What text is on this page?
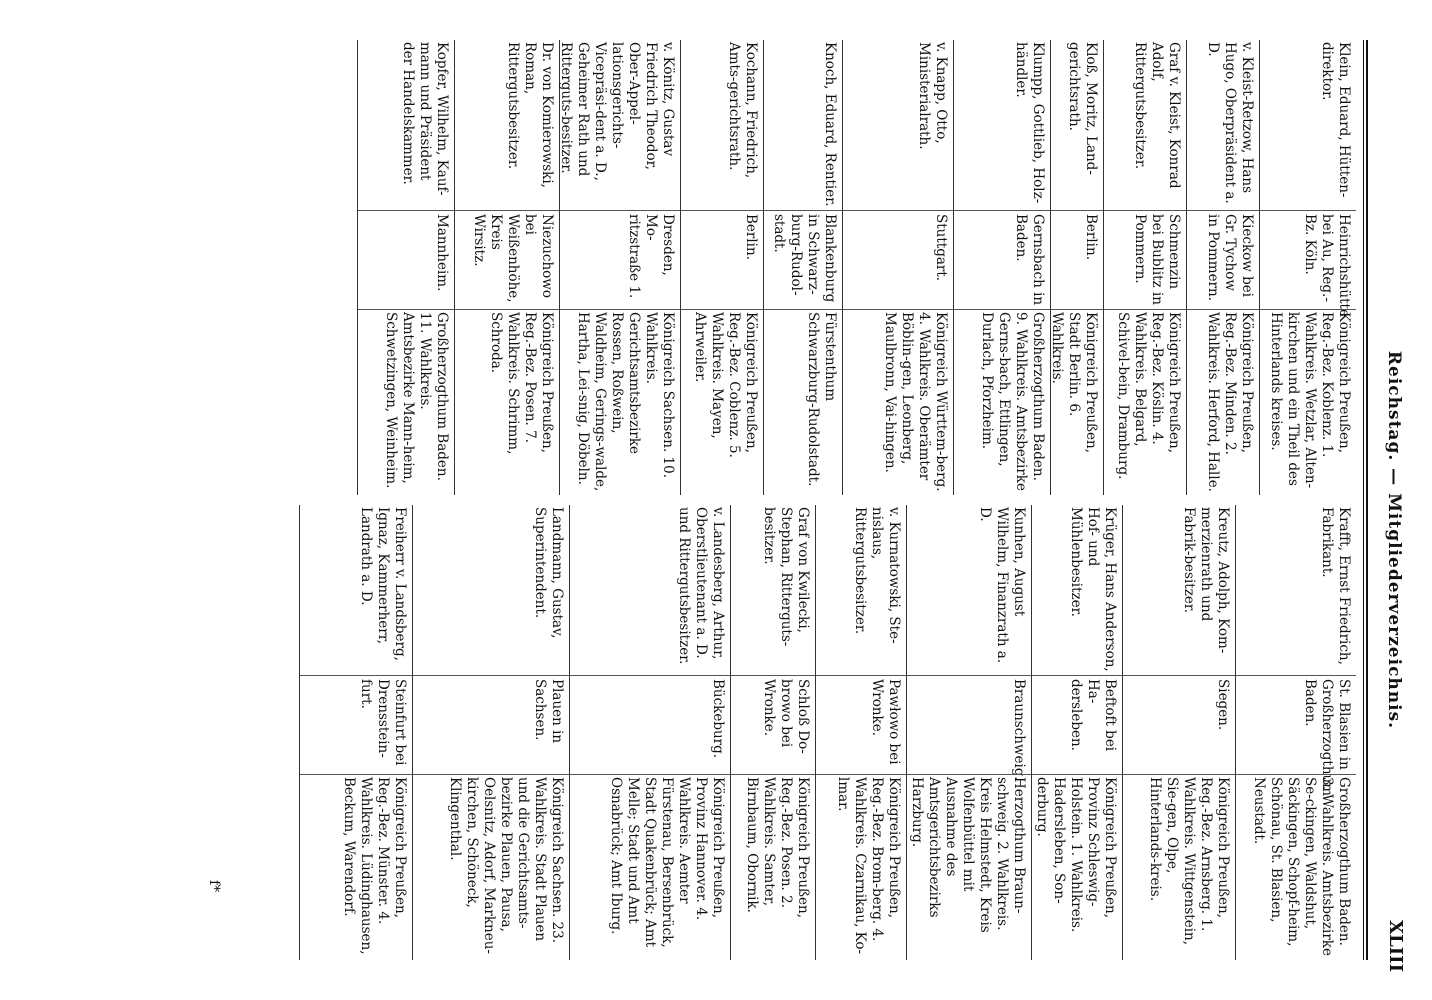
Reichstag. — Mitgliederverzeichnis.
XLIII
Klein, Eduard, Hütten-direktor.
Heinrichshütte bei Au, Reg.-Bz. Köln.
Königreich Preußen, Reg.-Bez. Koblenz. 1. Wahlkreis. Wetzlar, Alten-kirchen und ein Theil des Hinterlands kreises.
v. Kleist-Retzow, Hans Hugo, Oberpräsident a. D.
Kieckow bei Gr. Tychow in Pommern.
Königreich Preußen, Reg.-Bez. Minden. 2. Wahlkreis. Herford, Halle.
Graf v. Kleist, Konrad Adolf, Rittergutsbesitzer.
Schmenzin bei Bublitz in Pommern.
Königreich Preußen, Reg.-Bez. Köslin. 4. Wahlkreis. Belgard, Schivel-bein, Dramburg.
Kloß, Moritz, Land-gerichtsrath.
Berlin.
Königreich Preußen, Stadt Berlin. 6. Wahlkreis.
Klumpp, Gottlieb, Holz-händler.
Gernsbach in Baden.
Großherzogthum Baden. 9. Wahlkreis. Amtsbezirke Gerns-bach, Ettlingen, Durlach, Pforzheim.
v. Knapp, Otto, Ministerialrath.
Stuttgart.
Königreich Württem-berg. 4. Wahlkreis. Oberämter Böblin-gen, Leonberg, Maulbronn, Vai-hingen.
Knoch, Eduard, Rentier.
Blankenburg in Schwarz-burg-Rudol-stadt.
Fürstenthum Schwarzburg-Rudolstadt.
Kochann, Friedrich, Amts-gerichtsrath.
Berlin.
Königreich Preußen, Reg.-Bez. Coblenz. 5. Wahlkreis. Mayen, Ahrweiler.
v. Könitz, Gustav Friedrich Theodor, Ober-Appel-lationsgerichts-Vicepräsi-dent a. D., Geheimer Rath und Ritterguts-besitzer.
Dresden, Mo-ritzstraße 1.
Königreich Sachsen. 10. Wahlkreis. Gerichtsamtsbezirke Rossen, Roßwein, Waldheim, Gerings-walde, Hartha, Lei-snig, Döbeln.
Dr. von Komierowski, Roman, Rittergutsbesitzer.
Niezuchowo bei Weißenhöhe, Kreis Wirsitz.
Königreich Preußen, Reg.-Bez. Posen. 7. Wahlkreis. Schrimm, Schroda.
Kopfer, Wilhelm, Kauf-mann und Präsident der Handelskammer.
Mannheim.
Großherzogthum Baden. 11. Wahlkreis. Amtsbezirke Mann-heim, Schwetzingen, Weinheim.
Krafft, Ernst Friedrich, Fabrikant.
St. Blasien in Großherzogthum Baden.
Großherzogthum Baden. 3. Wahlkreis. Amtsbezirke Se-ckingen, Waldshut, Säckingen, Schopf-heim, Schönau, St. Blasien, Neustadt.
Kreutz, Adolph, Kom-merzienrath und Fabrik-besitzer.
Siegen.
Königreich Preußen, Reg.-Bez. Arnsberg. 1. Wahlkreis. Wittgenstein, Sie-gen, Olpe, Hinterlands-kreis.
Krüger, Hans Anderson, Hof- und Mühlenbesitzer.
Beftoft bei Ha-dersleben.
Königreich Preußen, Provinz Schleswig-Holstein. 1. Wahlkreis. Hadersleben, Son-derburg.
Kunhen, August Wilhelm, Finanzrath a. D.
Braunschweig.
Herzogthum Braun-schweig. 2. Wahlkreis. Kreis Helmstedt, Kreis Wolfenbüttel mit Ausnahme des Amtsgerichtsbezirks Harzburg.
v. Kurnatowski, Ste-nislaus, Rittergutsbesitzer.
Pawłowo bei Wronke.
Königreich Preußen, Reg.-Bez. Brom-berg. 4. Wahlkreis. Czarnikau, Ko-lmar.
Graf von Kwilecki, Stephan, Ritterguts-besitzer.
Schloß Do-browo bei Wronke.
Königreich Preußen, Reg.-Bez. Posen. 2. Wahlkreis. Samter, Birnbaum, Obornik.
v. Landesberg, Arthur, Oberstlieutenant a. D. und Rittergutsbesitzer.
Bückeburg.
Königreich Preußen, Provinz Hannover. 4. Wahlkreis. Aemter Fürstenau, Bersenbrück, Stadt Quakenbrück; Amt Melle; Stadt und Amt Osnabrück; Amt Iburg.
Landmann, Gustav, Superintendent.
Plauen in Sachsen.
Königreich Sachsen. 23. Wahlkreis. Stadt Plauen und die Gerichtsamts-bezirke Plauen, Pausa, Oelsnitz, Adorf, Markneu-kirchen, Schöneck, Klingenthal.
Freiherr v. Landsberg, Ignaz, Kammerherr, Landrath a. D.
Steinfurt bei Drensstein-furt.
Königreich Preußen, Reg.-Bez. Münster. 4. Wahlkreis. Lüdinghausen, Beckum, Warendorf.
f*
